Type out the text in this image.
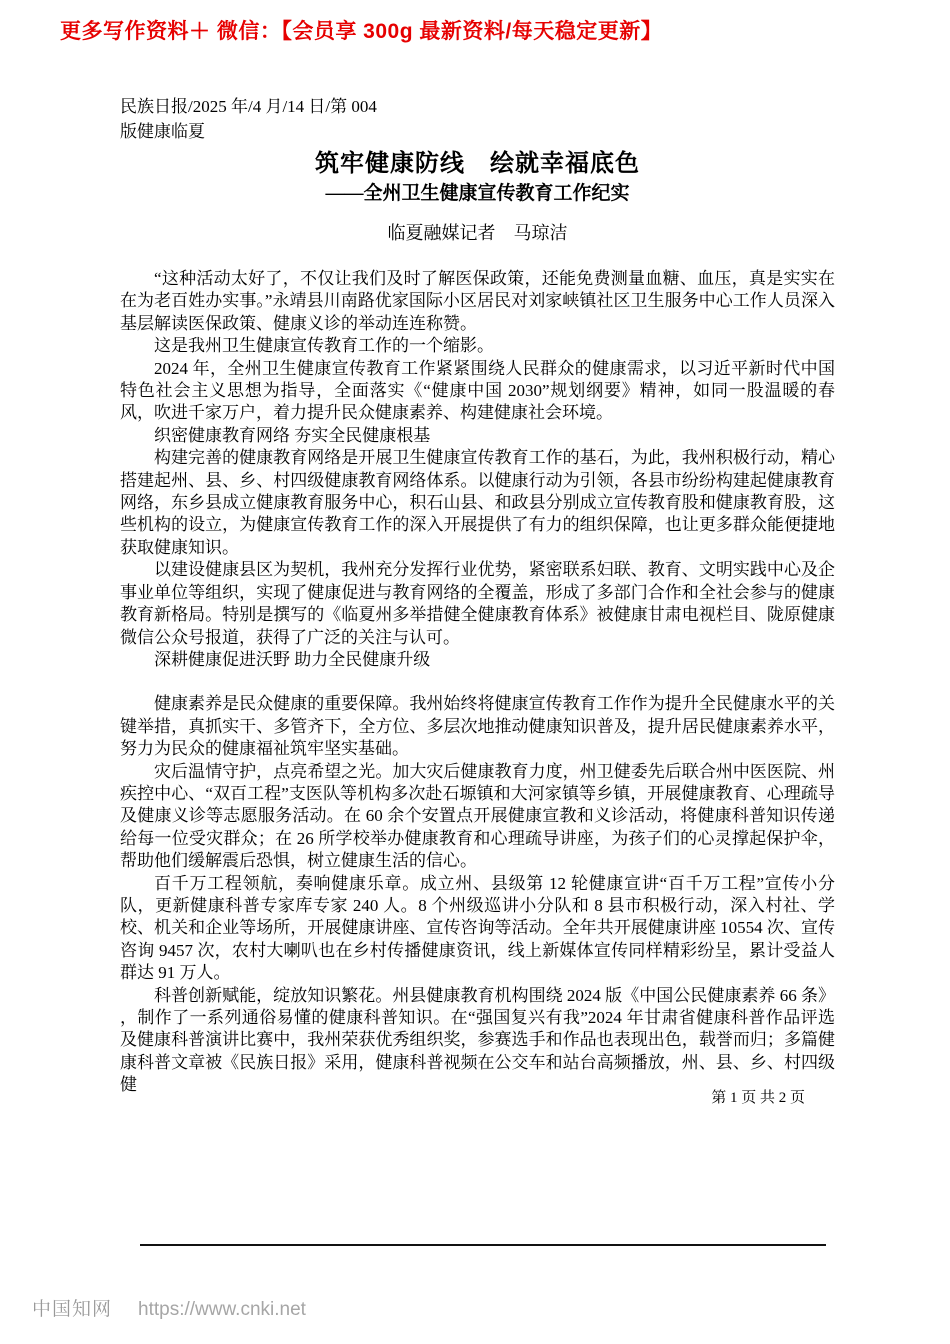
更多写作资料＋ 微信：【会员享 300g 最新资料/每天稳定更新】
民族日报/2025 年/4 月/14 日/第 004
版健康临夏
筑牢健康防线　绘就幸福底色
——全州卫生健康宣传教育工作纪实
临夏融媒记者　马琼洁
“这种活动太好了，不仅让我们及时了解医保政策，还能免费测量血糖、血压，真是实实在在为老百姓办实事。”永靖县川南路优家国际小区居民对刘家峡镇社区卫生服务中心工作人员深入基层解读医保政策、健康义诊的举动连连称赞。
这是我州卫生健康宣传教育工作的一个缩影。
2024 年，全州卫生健康宣传教育工作紧紧围绕人民群众的健康需求，以习近平新时代中国特色社会主义思想为指导，全面落实《“健康中国 2030”规划纲要》精神，如同一股温暖的春风，吹进千家万户，着力提升民众健康素养、构建健康社会环境。
织密健康教育网络 夯实全民健康根基
构建完善的健康教育网络是开展卫生健康宣传教育工作的基石，为此，我州积极行动，精心搭建起州、县、乡、村四级健康教育网络体系。以健康行动为引领，各县市纷纷构建起健康教育网络，东乡县成立健康教育服务中心，积石山县、和政县分别成立宣传教育股和健康教育股，这些机构的设立，为健康宣传教育工作的深入开展提供了有力的组织保障，也让更多群众能便捷地获取健康知识。
以建设健康县区为契机，我州充分发挥行业优势，紧密联系妇联、教育、文明实践中心及企事业单位等组织，实现了健康促进与教育网络的全覆盖，形成了多部门合作和全社会参与的健康教育新格局。特别是撰写的《临夏州多举措健全健康教育体系》被健康甘肃电视栏目、陇原健康微信公众号报道，获得了广泛的关注与认可。
深耕健康促进沃野 助力全民健康升级
健康素养是民众健康的重要保障。我州始终将健康宣传教育工作作为提升全民健康水平的关键举措，真抓实干、多管齐下，全方位、多层次地推动健康知识普及，提升居民健康素养水平，努力为民众的健康福祉筑牢坚实基础。
灾后温情守护，点亮希望之光。加大灾后健康教育力度，州卫健委先后联合州中医医院、州疾控中心、“双百工程”支医队等机构多次赴石塬镇和大河家镇等乡镇，开展健康教育、心理疏导及健康义诊等志愿服务活动。在 60 余个安置点开展健康宣教和义诊活动，将健康科普知识传递给每一位受灾群众；在 26 所学校举办健康教育和心理疏导讲座，为孩子们的心灵撑起保护伞，帮助他们缓解震后恐惧，树立健康生活的信心。
百千万工程领航，奏响健康乐章。成立州、县级第 12 轮健康宣讲“百千万工程”宣传小分队，更新健康科普专家库专家 240 人。8 个州级巡讲小分队和 8 县市积极行动，深入村社、学校、机关和企业等场所，开展健康讲座、宣传咨询等活动。全年共开展健康讲座 10554 次、宣传咨询 9457 次，农村大喇叭也在乡村传播健康资讯，线上新媒体宣传同样精彩纷呈，累计受益人群达 91 万人。
科普创新赋能，绽放知识繁花。州县健康教育机构围绕 2024 版《中国公民健康素养 66 条》 ，制作了一系列通俗易懂的健康科普知识。在“强国复兴有我”2024 年甘肃省健康科普作品评选及健康科普演讲比赛中，我州荣获优秀组织奖，参赛选手和作品也表现出色，载誉而归；多篇健康科普文章被《民族日报》采用，健康科普视频在公交车和站台高频播放，州、县、乡、村四级健
第 1 页 共 2 页
中国知网 https://www.cnki.net
